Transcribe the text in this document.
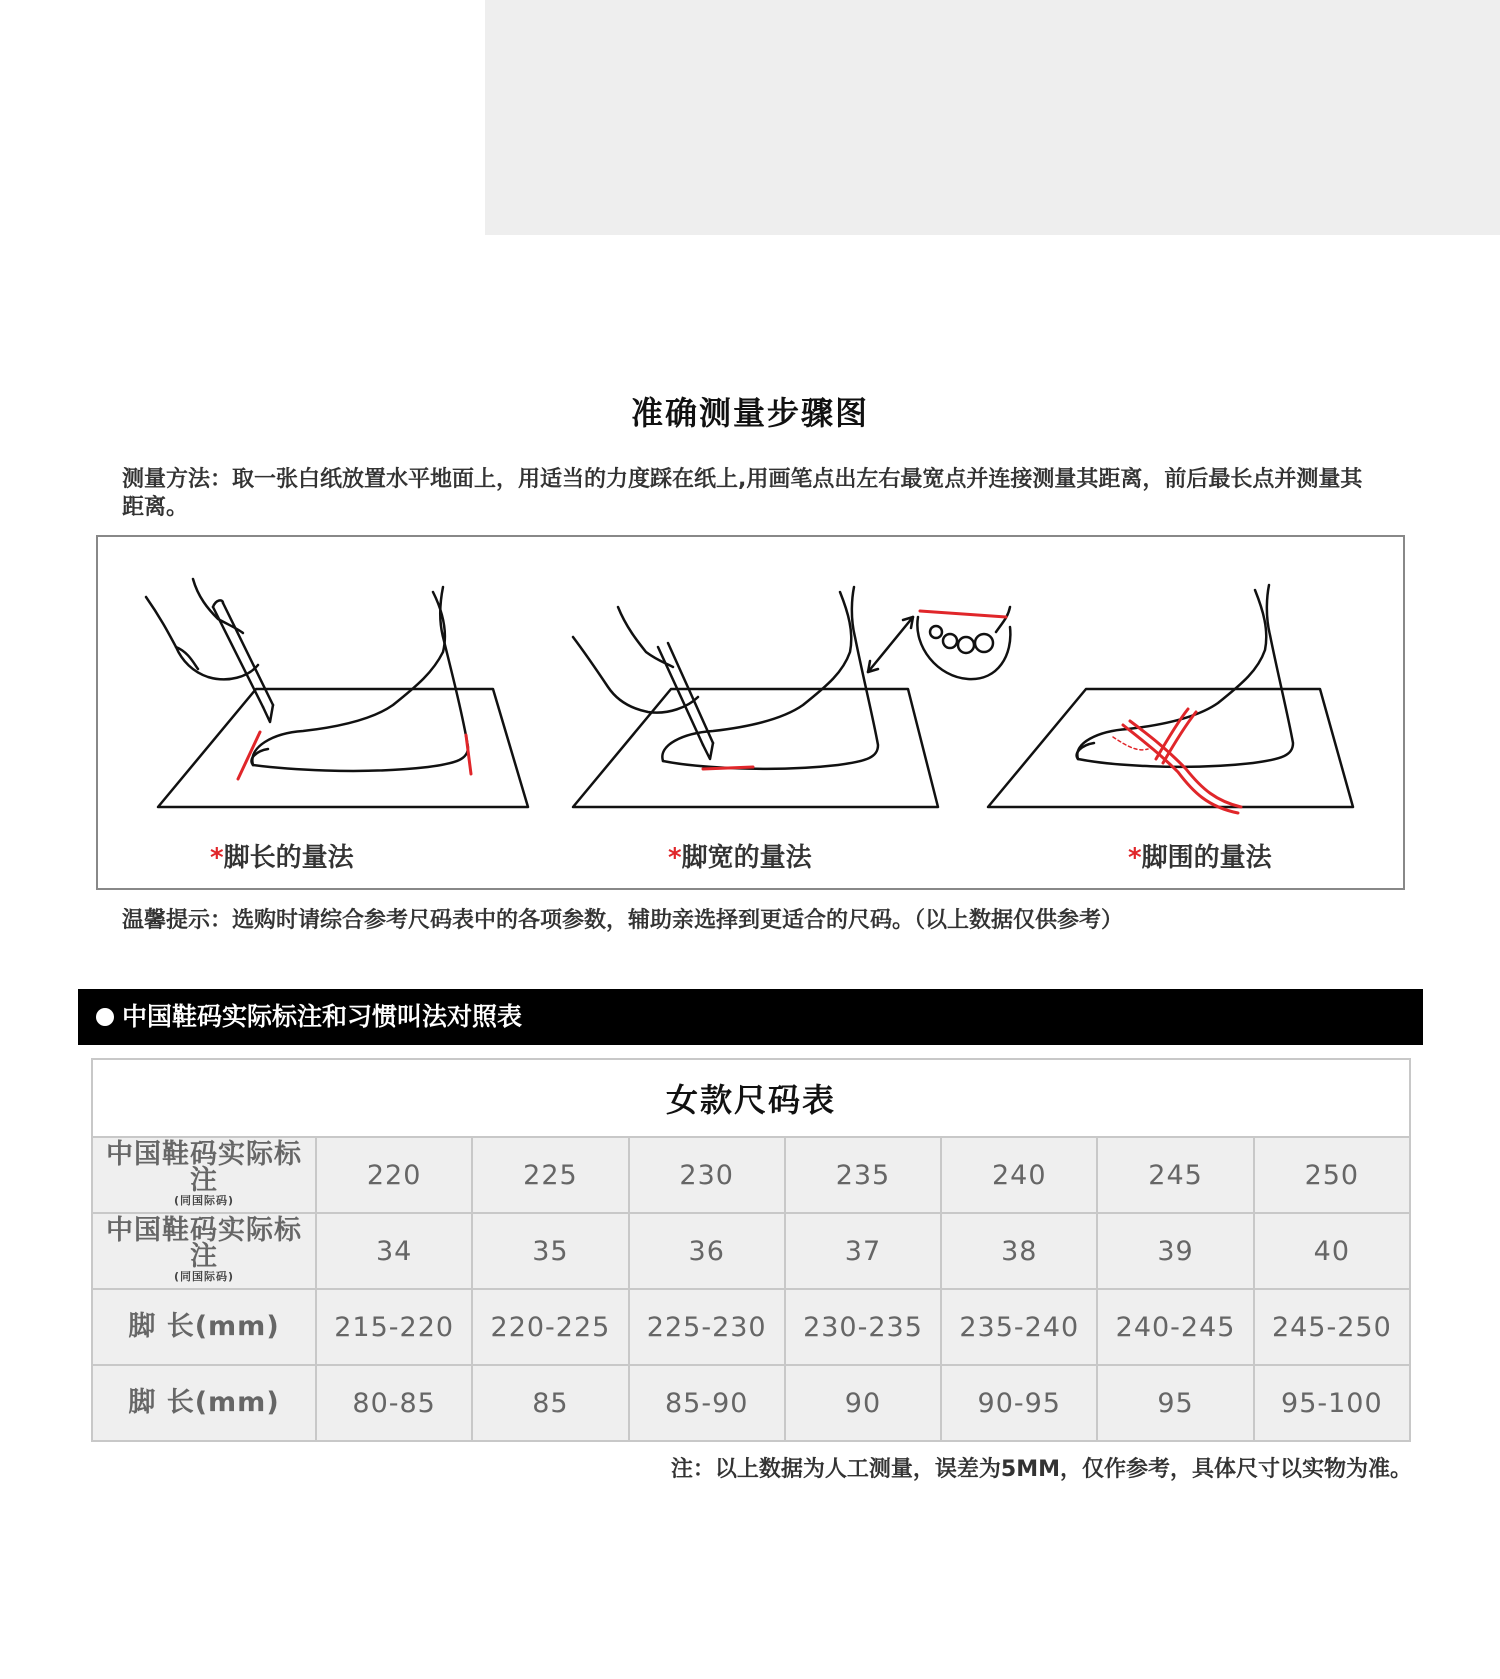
准确测量步骤图
测量方法：取一张白纸放置水平地面上，用适当的力度踩在纸上,用画笔点出左右最宽点并连接测量其距离，前后最长点并测量其距离。
*脚长的量法	*脚宽的量法	*脚围的量法
温馨提示：选购时请综合参考尺码表中的各项参数，辅助亲选择到更适合的尺码。（以上数据仅供参考）
中国鞋码实际标注和习惯叫法对照表
女款尺码表							
中国鞋码实际标注
(同国际码)	220	225	230	235	240	245	250
中国鞋码实际标注
(同国际码)	34	35	36	37	38	39	40
脚 长(mm)	215-220	220-225	225-230	230-235	235-240	240-245	245-250
脚 长(mm)	80-85	85	85-90	90	90-95	95	95-100
注：以上数据为人工测量，误差为5MM，仅作参考，具体尺寸以实物为准。
